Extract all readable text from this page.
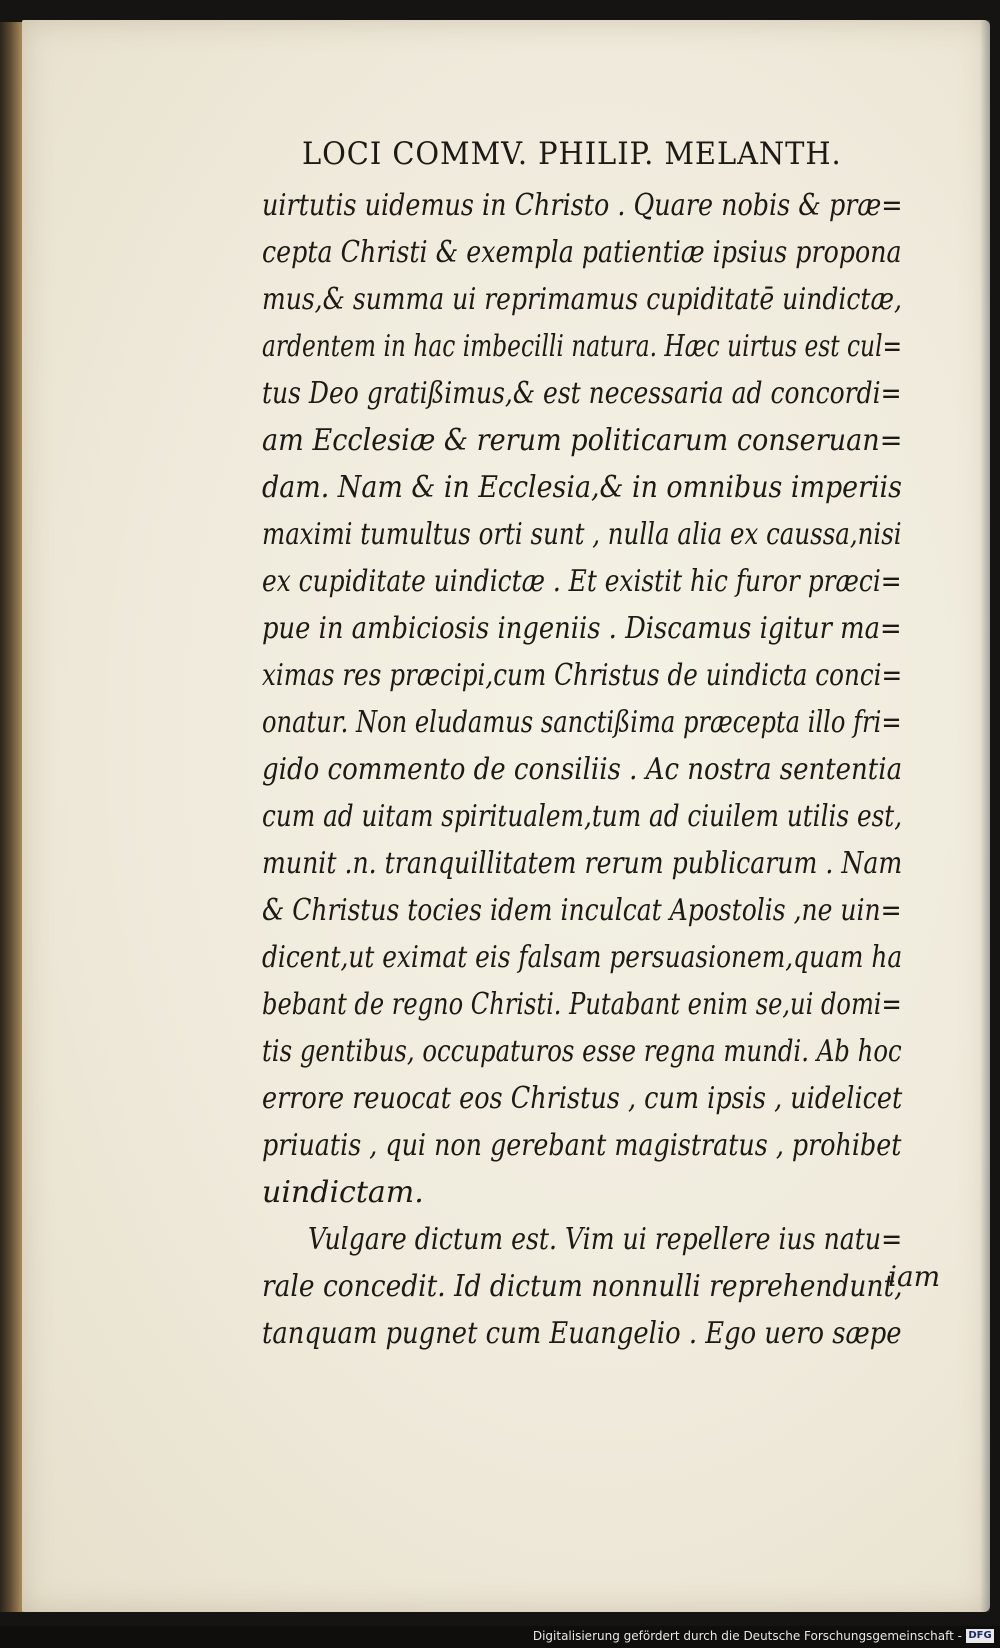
LOCI COMMV. PHILIP. MELANTH.
uirtutis uidemus in Christo . Quare nobis & præ=
cepta Christi & exempla patientiæ ipsius propona
mus,& summa ui reprimamus cupiditatē uindictæ,
ardentem in hac imbecilli natura. Hæc uirtus est cul=
tus Deo gratißimus,& est necessaria ad concordi=
am Ecclesiæ & rerum politicarum conseruan=
dam. Nam & in Ecclesia,& in omnibus imperiis
maximi tumultus orti sunt , nulla alia ex caussa,nisi
ex cupiditate uindictæ . Et existit hic furor præci=
pue in ambiciosis ingeniis . Discamus igitur ma=
ximas res præcipi,cum Christus de uindicta conci=
onatur. Non eludamus sanctißima præcepta illo fri=
gido commento de consiliis . Ac nostra sententia
cum ad uitam spiritualem,tum ad ciuilem utilis est,
munit .n. tranquillitatem rerum publicarum . Nam
& Christus tocies idem inculcat Apostolis ,ne uin=
dicent,ut eximat eis falsam persuasionem,quam ha
bebant de regno Christi. Putabant enim se,ui domi=
tis gentibus, occupaturos esse regna mundi. Ab hoc
errore reuocat eos Christus , cum ipsis , uidelicet
priuatis , qui non gerebant magistratus , prohibet
uindictam.
Vulgare dictum est. Vim ui repellere ius natu=
rale concedit. Id dictum nonnulli reprehendunt,
tanquam pugnet cum Euangelio . Ego uero sæpe
iam
Digitalisierung gefördert durch die Deutsche Forschungsgemeinschaft - DFG
